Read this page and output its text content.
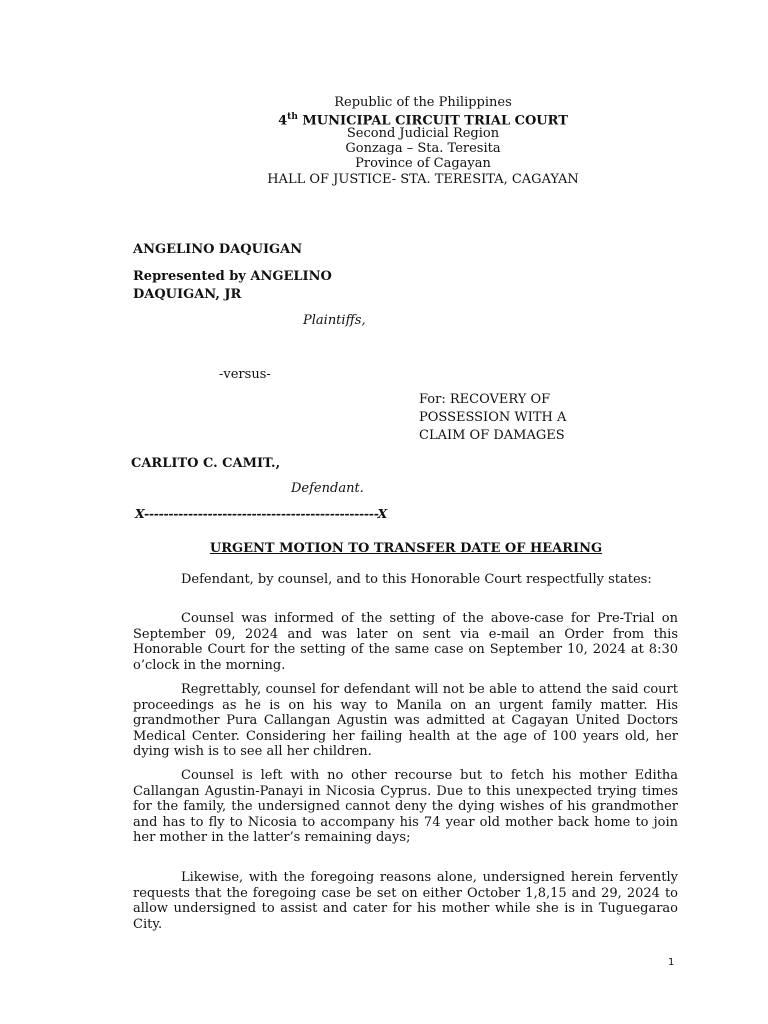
Republic of the Philippines
4th MUNICIPAL CIRCUIT TRIAL COURT
Second Judicial Region
Gonzaga – Sta. Teresita
Province of Cagayan
HALL OF JUSTICE- STA. TERESITA, CAGAYAN
ANGELINO DAQUIGAN
Represented by ANGELINO
DAQUIGAN, JR
Plaintiffs,
-versus-
For: RECOVERY OF
POSSESSION WITH A
CLAIM OF DAMAGES
CARLITO C. CAMIT.,
Defendant.
X------------------------------------------------X
URGENT MOTION TO TRANSFER DATE OF HEARING

Defendant, by counsel, and to this Honorable Court respectfully states:

Counsel was informed of the setting of the above-case for Pre-Trial on September 09, 2024 and was later on sent via e-mail an Order from this Honorable Court for the setting of the same case on September 10, 2024 at 8:30 o’clock in the morning.

Regrettably, counsel for defendant will not be able to attend the said court proceedings as he is on his way to Manila on an urgent family matter. His grandmother Pura Callangan Agustin was admitted at Cagayan United Doctors Medical Center. Considering her failing health at the age of 100 years old, her dying wish is to see all her children.

Counsel is left with no other recourse but to fetch his mother Editha Callangan Agustin-Panayi in Nicosia Cyprus. Due to this unexpected trying times for the family, the undersigned cannot deny the dying wishes of his grandmother and has to fly to Nicosia to accompany his 74 year old mother back home to join her mother in the latter’s remaining days;

Likewise, with the foregoing reasons alone, undersigned herein fervently requests that the foregoing case be set on either October 1,8,15 and 29, 2024 to allow undersigned to assist and cater for his mother while she is in Tuguegarao City.

1
